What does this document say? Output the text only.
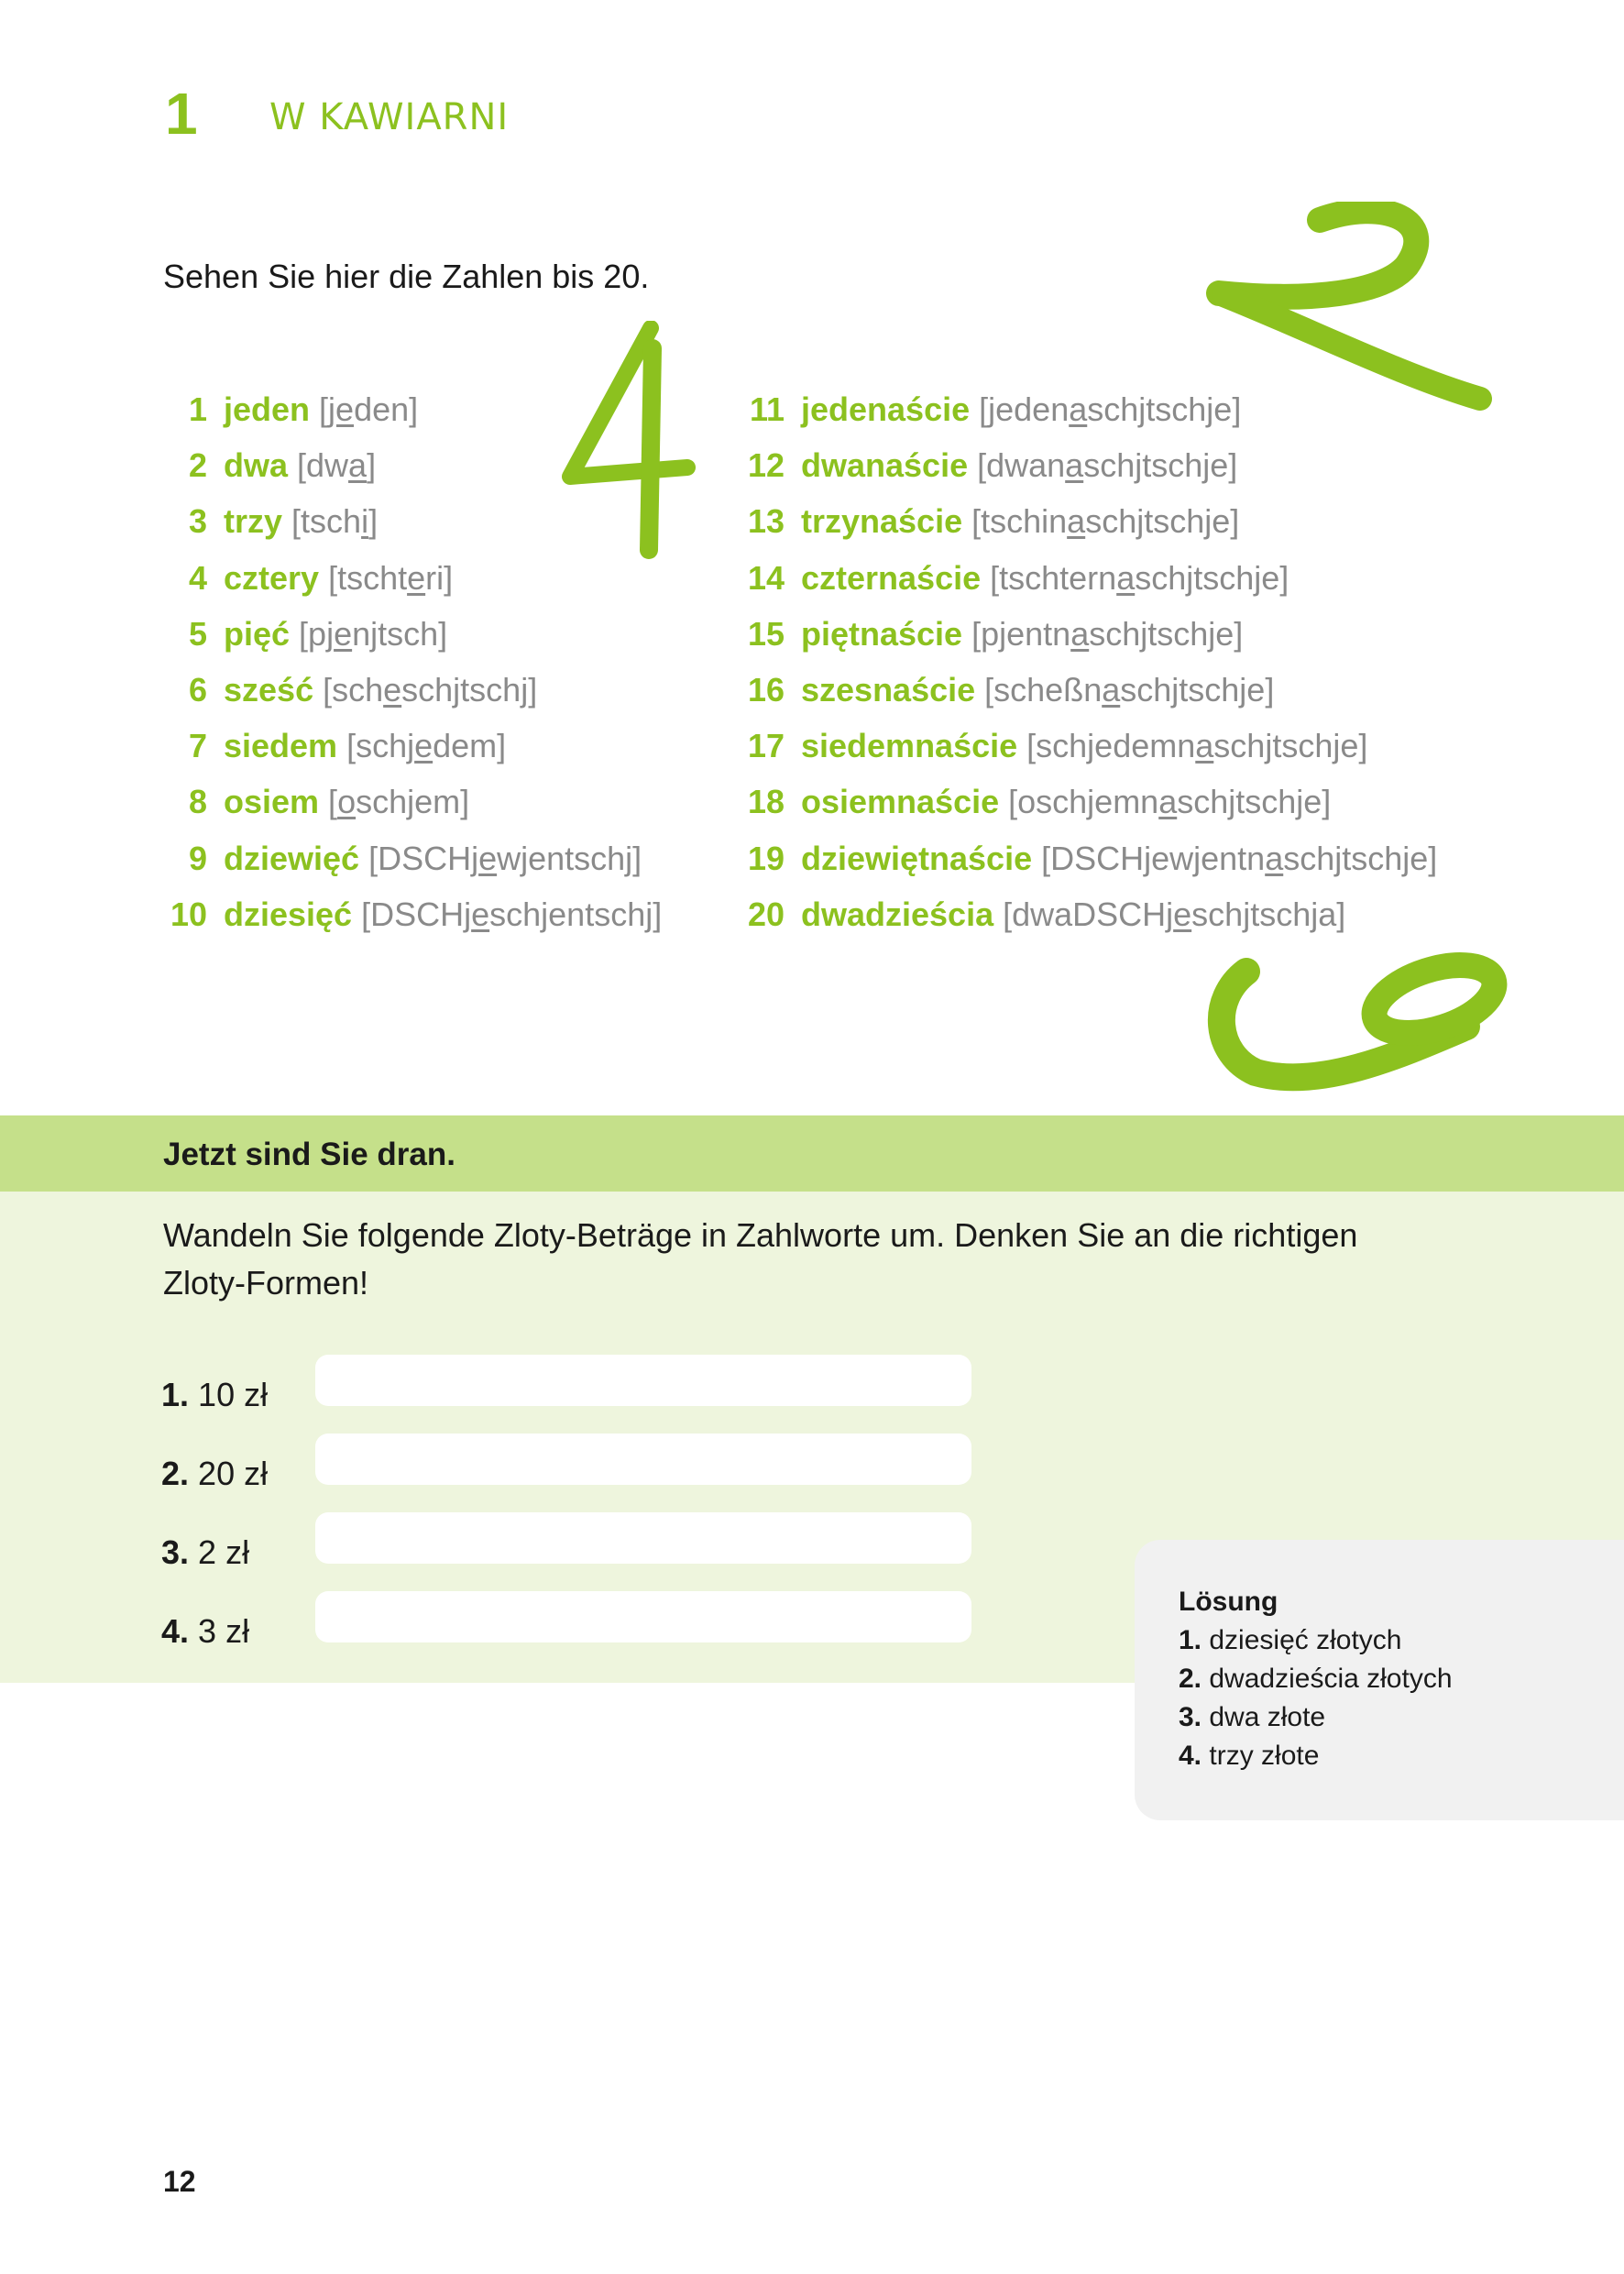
1 W KAWIARNI
Sehen Sie hier die Zahlen bis 20.
1 jeden [jeden]
2 dwa [dwa]
3 trzy [tschi]
4 cztery [tschteri]
5 pięć [pjenjtsch]
6 sześć [scheschjtschj]
7 siedem [schjedem]
8 osiem [oschjem]
9 dziewięć [DSCHjewjentschj]
10 dziesięć [DSCHjeschjentschj]
11 jedenaście [jedenaschjtschje]
12 dwanaście [dwanaschjtschje]
13 trzynaście [tschinaschjtschje]
14 czternaście [tschternaschjtschje]
15 piętnaście [pjentnaschjtschje]
16 szesnaście [scheßnaschjtschje]
17 siedemnaście [schjedemnaschjtschje]
18 osiemnaście [oschjemnaschjtschje]
19 dziewiętnaście [DSCHjewjentnaschjtschje]
20 dwadzieścia [dwaDSCHjeschjtschja]
Jetzt sind Sie dran.
Wandeln Sie folgende Zloty-Beträge in Zahlworte um. Denken Sie an die richtigen Zloty-Formen!
1. 10 zł
2. 20 zł
3. 2 zł
4. 3 zł
Lösung
1. dziesięć złotych
2. dwadzieścia złotych
3. dwa złote
4. trzy złote
12
